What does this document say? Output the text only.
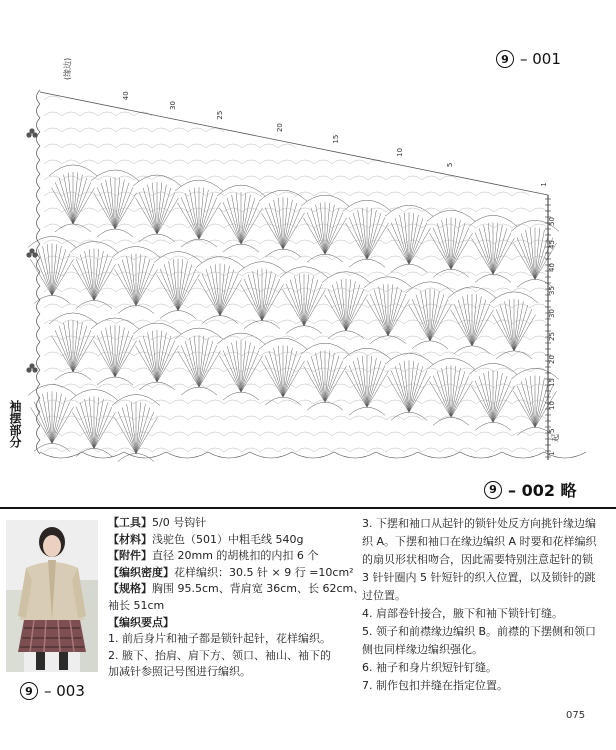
9 – 001
40
30
25
20
15
10
5
1
(缘边)
1
5
10
15
20
25
30
35
40
45
50
起
袖摆部分
9 – 002 略
9 – 003
【工具】5/0 号钩针
【材料】浅驼色（501）中粗毛线 540g
【附件】直径 20mm 的胡桃扣的内扣 6 个
【编织密度】花样编织：30.5 针 × 9 行 =10cm²
【规格】胸围 95.5cm、背肩宽 36cm、长 62cm、
袖长 51cm
【编织要点】
1. 前后身片和袖子都是锁针起针，花样编织。
2. 腋下、抬肩、肩下方、领口、袖山、袖下的
加减针参照记号图进行编织。
3. 下摆和袖口从起针的锁针处反方向挑针缘边编织 A。下摆和袖口在缘边编织 A 时要和花样编织的扇贝形状相吻合，因此需要特别注意起针的锁 3 针针圈内 5 针短针的织入位置，以及锁针的跳过位置。
4. 肩部卷针接合，腋下和袖下锁针钉缝。
5. 领子和前襟缘边编织 B。前襟的下摆侧和领口侧也同样缘边编织强化。
6. 袖子和身片织短针钉缝。
7. 制作包扣并缝在指定位置。
075
